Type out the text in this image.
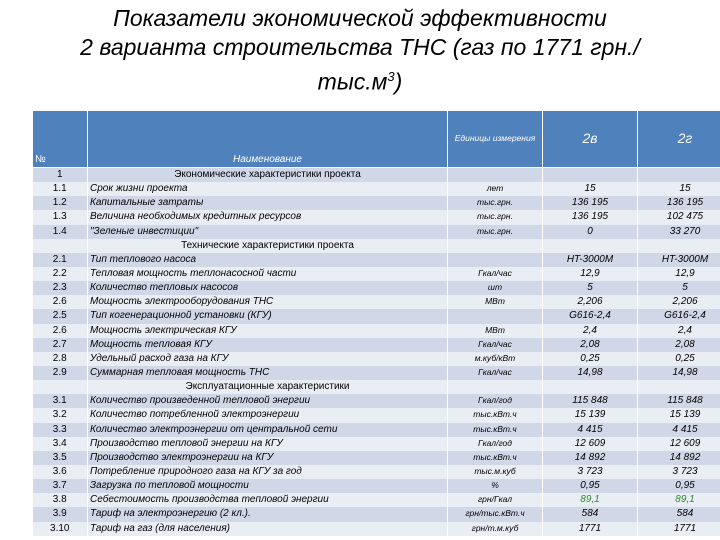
Показатели экономической эффективности
2 варианта строительства ТНС (газ по 1771 грн./
$тыс.м^3$)
№	Наименование	Единицы измерения	2в	2г
1	Экономические характеристики проекта			
1.1	Срок жизни проекта	лет	15	15
1.2	Капитальные затраты	тыс.грн.	136 195	136 195
1.3	Величина необходимых кредитных ресурсов	тыс.грн.	136 195	102 475
1.4	"Зеленые инвестиции"	тыс.грн.	0	33 270
	Технические характеристики проекта			
2.1	Тип теплового насоса		HT-3000M	HT-3000M
2.2	Тепловая мощность теплонасосной части	Гкал/час	12,9	12,9
2.3	Количество тепловых насосов	шт	5	5
2.6	Мощность электрооборудования ТНС	МВт	2,206	2,206
2.5	Тип когенерационной установки (КГУ)		G616-2,4	G616-2,4
2.6	Мощность электрическая КГУ	МВт	2,4	2,4
2.7	Мощность тепловая КГУ	Гкал/час	2,08	2,08
2.8	Удельный расход газа на КГУ	м.куб/кВт	0,25	0,25
2.9	Суммарная тепловая мощность ТНС	Гкал/час	14,98	14,98
	Эксплуатационные характеристики			
3.1	Количество произведенной тепловой энергии	Гкал/год	115 848	115 848
3.2	Количество потребленной электроэнергии	тыс.кВт.ч	15 139	15 139
3.3	Количество электроэнергии от центральной сети	тыс.кВт.ч	4 415	4 415
3.4	Производство тепловой энергии на КГУ	Гкал/год	12 609	12 609
3.5	Производство электроэнергии на КГУ	тыс.кВт.ч	14 892	14 892
3.6	Потребление природного газа на КГУ за год	тыс.м.куб	3 723	3 723
3.7	Загрузка по тепловой мощности	%	0,95	0,95
3.8	Себестоимость производства тепловой энергии	грн/Гкал	89,1	89,1
3.9	Тариф на электроэнергию (2 кл.).	грн/тыс.кВт.ч	584	584
3.10	Тариф на газ (для населения)	грн/т.м.куб	1771	1771
